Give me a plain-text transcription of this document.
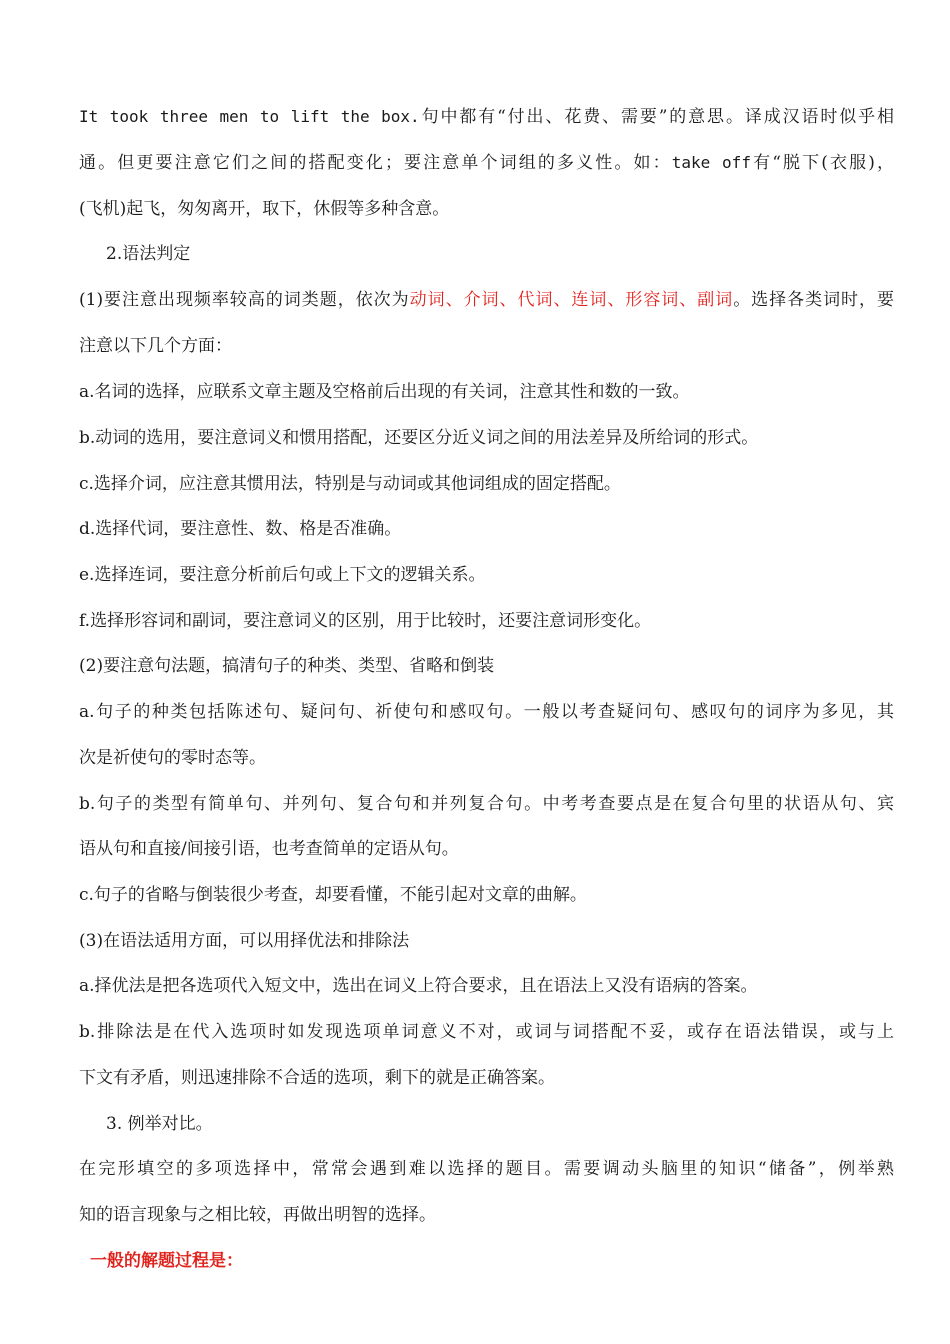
It took three men to lift the box.句中都有“付出、花费、需要”的意思。译成汉语时似乎相
通。但更要注意它们之间的搭配变化；要注意单个词组的多义性。如：take off有“脱下(衣服)，
(飞机)起飞，匆匆离开，取下，休假等多种含意。
2.语法判定
(1)要注意出现频率较高的词类题，依次为动词、介词、代词、连词、形容词、副词。选择各类词时，要
注意以下几个方面：
a.名词的选择，应联系文章主题及空格前后出现的有关词，注意其性和数的一致。
b.动词的选用，要注意词义和惯用搭配，还要区分近义词之间的用法差异及所给词的形式。
c.选择介词，应注意其惯用法，特别是与动词或其他词组成的固定搭配。
d.选择代词，要注意性、数、格是否准确。
e.选择连词，要注意分析前后句或上下文的逻辑关系。
f.选择形容词和副词，要注意词义的区别，用于比较时，还要注意词形变化。
(2)要注意句法题，搞清句子的种类、类型、省略和倒装
a.句子的种类包括陈述句、疑问句、祈使句和感叹句。一般以考查疑问句、感叹句的词序为多见，其
次是祈使句的零时态等。
b.句子的类型有简单句、并列句、复合句和并列复合句。中考考查要点是在复合句里的状语从句、宾
语从句和直接/间接引语，也考查简单的定语从句。
c.句子的省略与倒装很少考查，却要看懂，不能引起对文章的曲解。
(3)在语法适用方面，可以用择优法和排除法
a.择优法是把各选项代入短文中，选出在词义上符合要求，且在语法上又没有语病的答案。
b.排除法是在代入选项时如发现选项单词意义不对，或词与词搭配不妥，或存在语法错误，或与上
下文有矛盾，则迅速排除不合适的选项，剩下的就是正确答案。
3. 例举对比。
在完形填空的多项选择中，常常会遇到难以选择的题目。需要调动头脑里的知识“储备”，例举熟
知的语言现象与之相比较，再做出明智的选择。
一般的解题过程是：
